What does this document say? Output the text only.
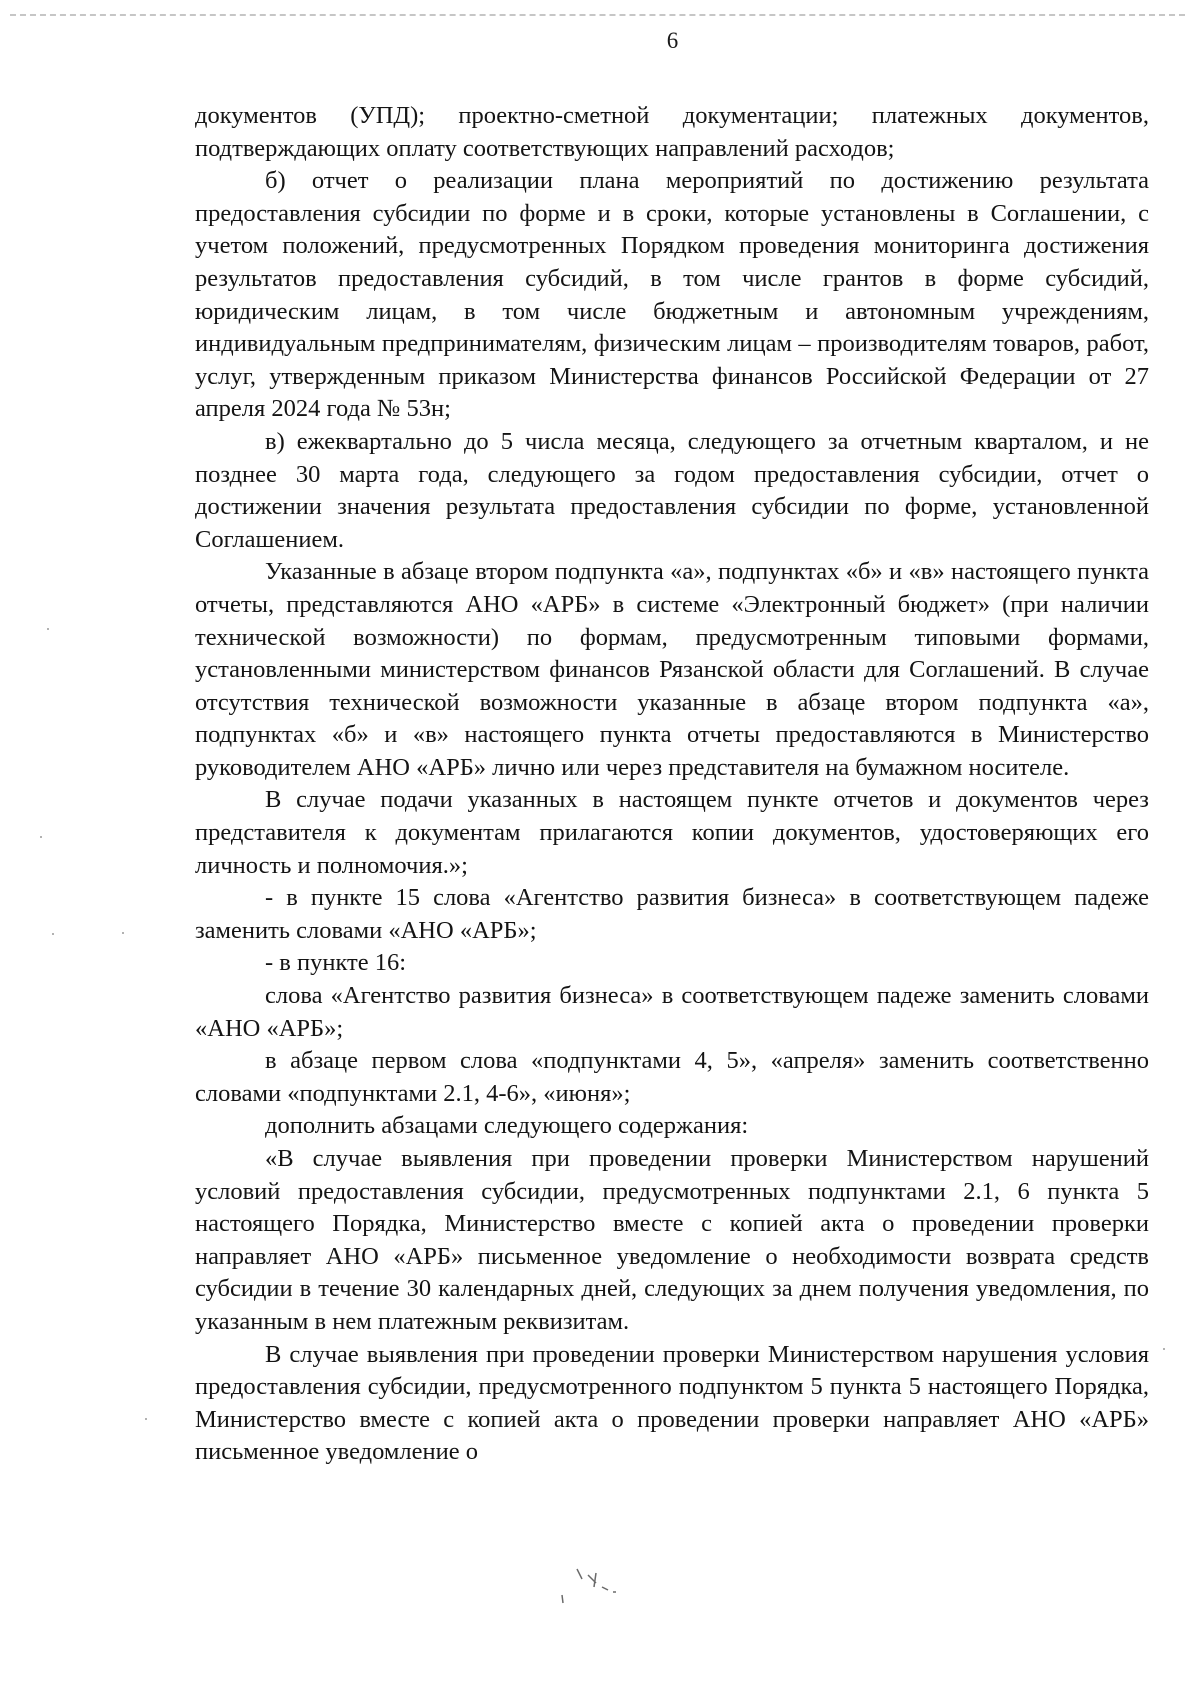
6

документов (УПД); проектно-сметной документации; платежных документов, подтверждающих оплату соответствующих направлений расходов;

б) отчет о реализации плана мероприятий по достижению результата предоставления субсидии по форме и в сроки, которые установлены в Соглашении, с учетом положений, предусмотренных Порядком проведения мониторинга достижения результатов предоставления субсидий, в том числе грантов в форме субсидий, юридическим лицам, в том числе бюджетным и автономным учреждениям, индивидуальным предпринимателям, физическим лицам – производителям товаров, работ, услуг, утвержденным приказом Министерства финансов Российской Федерации от 27 апреля 2024 года № 53н;

в) ежеквартально до 5 числа месяца, следующего за отчетным кварталом, и не позднее 30 марта года, следующего за годом предоставления субсидии, отчет о достижении значения результата предоставления субсидии по форме, установленной Соглашением.

Указанные в абзаце втором подпункта «а», подпунктах «б» и «в» настоящего пункта отчеты, представляются АНО «АРБ» в системе «Электронный бюджет» (при наличии технической возможности) по формам, предусмотренным типовыми формами, установленными министерством финансов Рязанской области для Соглашений. В случае отсутствия технической возможности указанные в абзаце втором подпункта «а», подпунктах «б» и «в» настоящего пункта отчеты предоставляются в Министерство руководителем АНО «АРБ» лично или через представителя на бумажном носителе.

В случае подачи указанных в настоящем пункте отчетов и документов через представителя к документам прилагаются копии документов, удостоверяющих его личность и полномочия.»;

- в пункте 15 слова «Агентство развития бизнеса» в соответствующем падеже заменить словами «АНО «АРБ»;

- в пункте 16:

слова «Агентство развития бизнеса» в соответствующем падеже заменить словами «АНО «АРБ»;

в абзаце первом слова «подпунктами 4, 5», «апреля» заменить соответственно словами «подпунктами 2.1, 4-6», «июня»;

дополнить абзацами следующего содержания:

«В случае выявления при проведении проверки Министерством нарушений условий предоставления субсидии, предусмотренных подпунктами 2.1, 6 пункта 5 настоящего Порядка, Министерство вместе с копией акта о проведении проверки направляет АНО «АРБ» письменное уведомление о необходимости возврата средств субсидии в течение 30 календарных дней, следующих за днем получения уведомления, по указанным в нем платежным реквизитам.

В случае выявления при проведении проверки Министерством нарушения условия предоставления субсидии, предусмотренного подпунктом 5 пункта 5 настоящего Порядка, Министерство вместе с копией акта о проведении проверки направляет АНО «АРБ» письменное уведомление о
